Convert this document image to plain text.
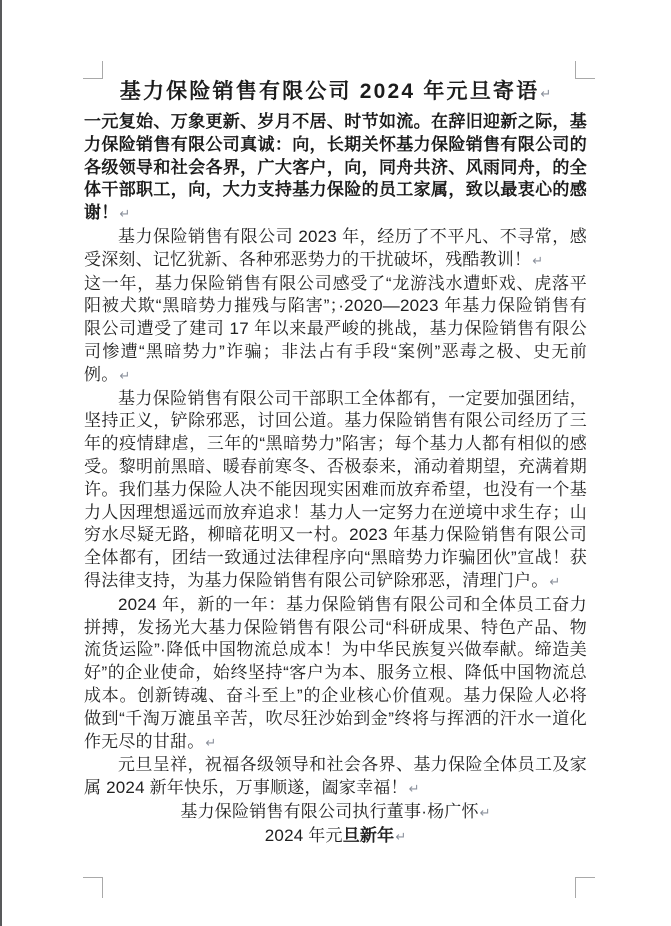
基力保险销售有限公司 2024 年元旦寄语↵

一元复始、万象更新、岁月不居、时节如流。在辞旧迎新之际，基力保险销售有限公司真诚：向，长期关怀基力保险销售有限公司的各级领导和社会各界，广大客户，向，同舟共济、风雨同舟，的全体干部职工，向，大力支持基力保险的员工家属，致以最衷心的感谢！↵

基力保险销售有限公司 2023 年，经历了不平凡、不寻常，感受深刻、记忆犹新、各种邪恶势力的干扰破坏，残酷教训！↵

这一年，基力保险销售有限公司感受了“龙游浅水遭虾戏、虎落平阳被犬欺“黑暗势力摧残与陷害”；·2020—2023 年基力保险销售有限公司遭受了建司 17 年以来最严峻的挑战，基力保险销售有限公司惨遭“黑暗势力”诈骗；非法占有手段“案例”恶毒之极、史无前例。↵

基力保险销售有限公司干部职工全体都有，一定要加强团结，坚持正义，铲除邪恶，讨回公道。基力保险销售有限公司经历了三年的疫情肆虐，三年的“黑暗势力”陷害；每个基力人都有相似的感受。黎明前黑暗、暖春前寒冬、否极泰来，涌动着期望，充满着期许。我们基力保险人决不能因现实困难而放弃希望，也没有一个基力人因理想遥远而放弃追求！基力人一定努力在逆境中求生存；山穷水尽疑无路，柳暗花明又一村。2023 年基力保险销售有限公司全体都有，团结一致通过法律程序向“黑暗势力诈骗团伙”宣战！获得法律支持，为基力保险销售有限公司铲除邪恶，清理门户。↵

2024 年，新的一年：基力保险销售有限公司和全体员工奋力拼搏，发扬光大基力保险销售有限公司“科研成果、特色产品、物流货运险”·降低中国物流总成本！为中华民族复兴做奉献。缔造美好”的企业使命，始终坚持“客户为本、服务立根、降低中国物流总成本。创新铸魂、奋斗至上”的企业核心价值观。基力保险人必将做到“千淘万漉虽辛苦，吹尽狂沙始到金”终将与挥洒的汗水一道化作无尽的甘甜。↵

元旦呈祥，祝福各级领导和社会各界、基力保险全体员工及家属 2024 新年快乐，万事顺遂，阖家幸福！↵

基力保险销售有限公司执行董事·杨广怀↵

2024 年元旦新年↵
